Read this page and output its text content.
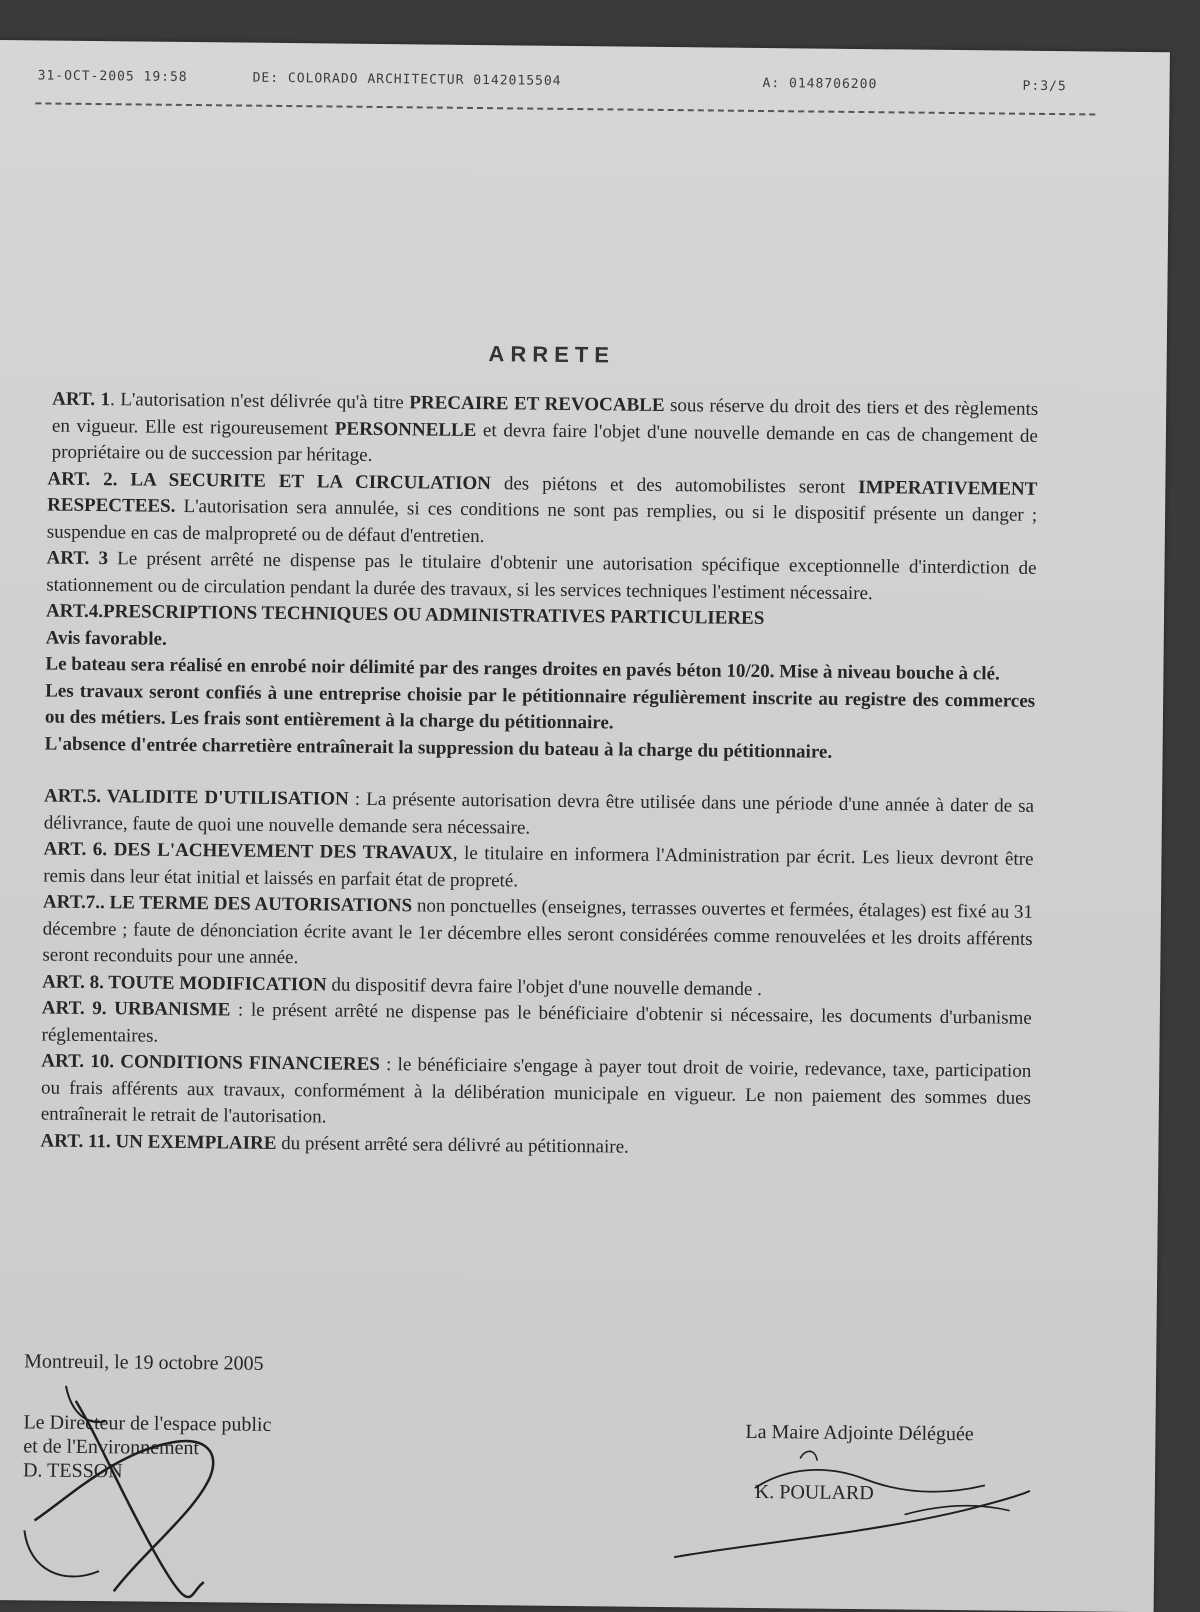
31-OCT-2005 19:58	DE: COLORADO ARCHITECTUR 0142015504	A: 0148706200	P:3/5
ARRETE

ART. 1. L'autorisation n'est délivrée qu'à titre PRECAIRE ET REVOCABLE sous réserve du droit des tiers et des règlements en vigueur. Elle est rigoureusement PERSONNELLE et devra faire l'objet d'une nouvelle demande en cas de changement de propriétaire ou de succession par héritage.

ART. 2. LA SECURITE ET LA CIRCULATION des piétons et des automobilistes seront IMPERATIVEMENT RESPECTEES. L'autorisation sera annulée, si ces conditions ne sont pas remplies, ou si le dispositif présente un danger ; suspendue en cas de malpropreté ou de défaut d'entretien.

ART. 3 Le présent arrêté ne dispense pas le titulaire d'obtenir une autorisation spécifique exceptionnelle d'interdiction de stationnement ou de circulation pendant la durée des travaux, si les services techniques l'estiment nécessaire.

ART.4.PRESCRIPTIONS TECHNIQUES OU ADMINISTRATIVES PARTICULIERES

Avis favorable.

Le bateau sera réalisé en enrobé noir délimité par des ranges droites en pavés béton 10/20. Mise à niveau bouche à clé.

Les travaux seront confiés à une entreprise choisie par le pétitionnaire régulièrement inscrite au registre des commerces ou des métiers. Les frais sont entièrement à la charge du pétitionnaire.

L'absence d'entrée charretière entraînerait la suppression du bateau à la charge du pétitionnaire.

ART.5. VALIDITE D'UTILISATION : La présente autorisation devra être utilisée dans une période d'une année à dater de sa délivrance, faute de quoi une nouvelle demande sera nécessaire.

ART. 6. DES L'ACHEVEMENT DES TRAVAUX, le titulaire en informera l'Administration par écrit. Les lieux devront être remis dans leur état initial et laissés en parfait état de propreté.

ART.7.. LE TERME DES AUTORISATIONS non ponctuelles (enseignes, terrasses ouvertes et fermées, étalages) est fixé au 31 décembre ; faute de dénonciation écrite avant le 1er décembre elles seront considérées comme renouvelées et les droits afférents seront reconduits pour une année.

ART. 8. TOUTE MODIFICATION du dispositif devra faire l'objet d'une nouvelle demande .

ART. 9. URBANISME : le présent arrêté ne dispense pas le bénéficiaire d'obtenir si nécessaire, les documents d'urbanisme réglementaires.

ART. 10. CONDITIONS FINANCIERES : le bénéficiaire s'engage à payer tout droit de voirie, redevance, taxe, participation ou frais afférents aux travaux, conformément à la délibération municipale en vigueur. Le non paiement des sommes dues entraînerait le retrait de l'autorisation.

ART. 11. UN EXEMPLAIRE du présent arrêté sera délivré au pétitionnaire.

Montreuil, le 19 octobre 2005
Le Directeur de l'espace public
et de l'Environnement
D. TESSON
La Maire Adjointe Déléguée
K. POULARD
